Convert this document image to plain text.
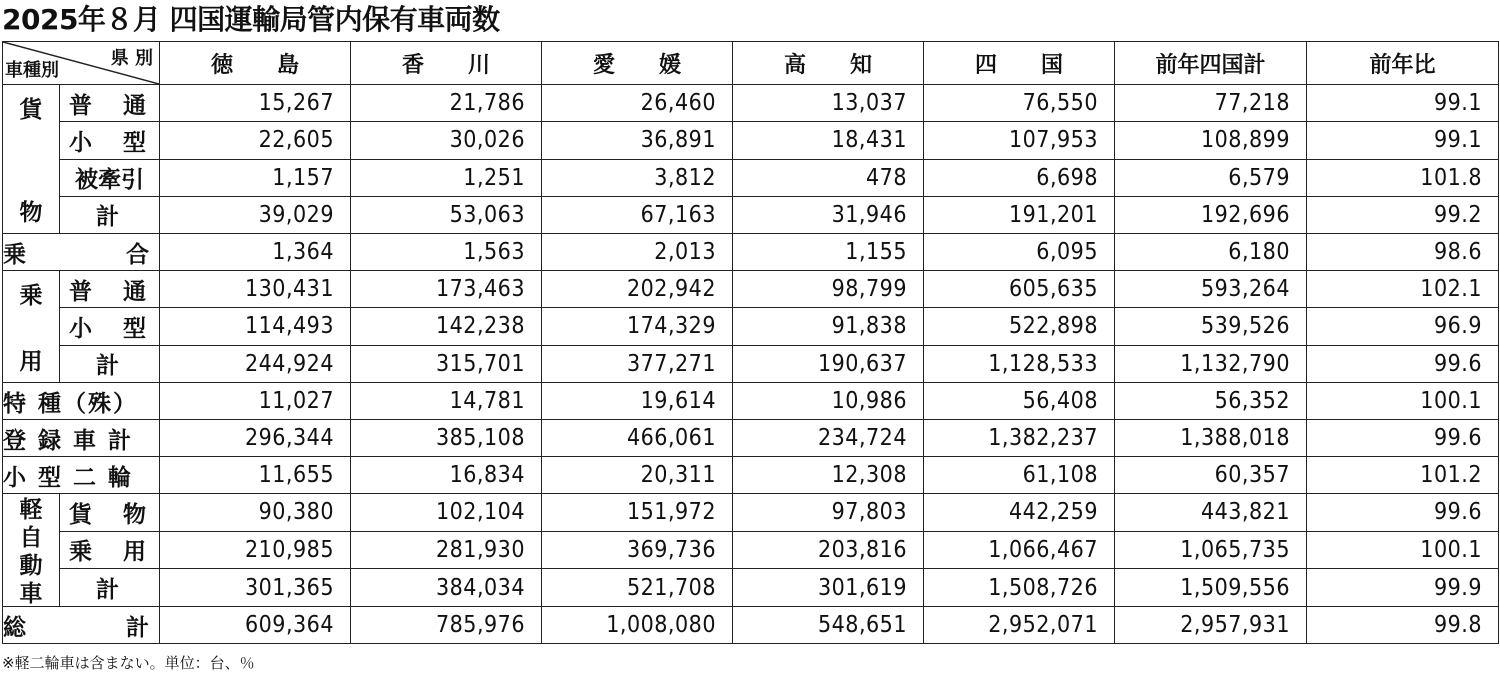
2025年８月 四国運輸局管内保有車両数
県 別
車種別		徳　　島	香　　川	愛　　媛	高　　知	四　　国	前年四国計	前年比

貨
物	普　通	15,267	21,786	26,460	13,037	76,550	77,218	99.1
	小　型	22,605	30,026	36,891	18,431	107,953	108,899	99.1
	被牽引	1,157	1,251	3,812	478	6,698	6,579	101.8
	計	39,029	53,063	67,163	31,946	191,201	192,696	99.2

乗 合		1,364	1,563	2,013	1,155	6,095	6,180	98.6

乗
用	普　通	130,431	173,463	202,942	98,799	605,635	593,264	102.1
	小　型	114,493	142,238	174,329	91,838	522,898	539,526	96.9
	計	244,924	315,701	377,271	190,637	1,128,533	1,132,790	99.6
特 種（殊）		11,027	14,781	19,614	10,986	56,408	56,352	100.1
登 録 車 計		296,344	385,108	466,061	234,724	1,382,237	1,388,018	99.6
小 型 二 輪		11,655	16,834	20,311	12,308	61,108	60,357	101.2

軽
自
動
車	貨　物	90,380	102,104	151,972	97,803	442,259	443,821	99.6
	乗　用	210,985	281,930	369,736	203,816	1,066,467	1,065,735	100.1
	計	301,365	384,034	521,708	301,619	1,508,726	1,509,556	99.9

総 計		609,364	785,976	1,008,080	548,651	2,952,071	2,957,931	99.8
※軽二輪車は含まない。単位：台、％
